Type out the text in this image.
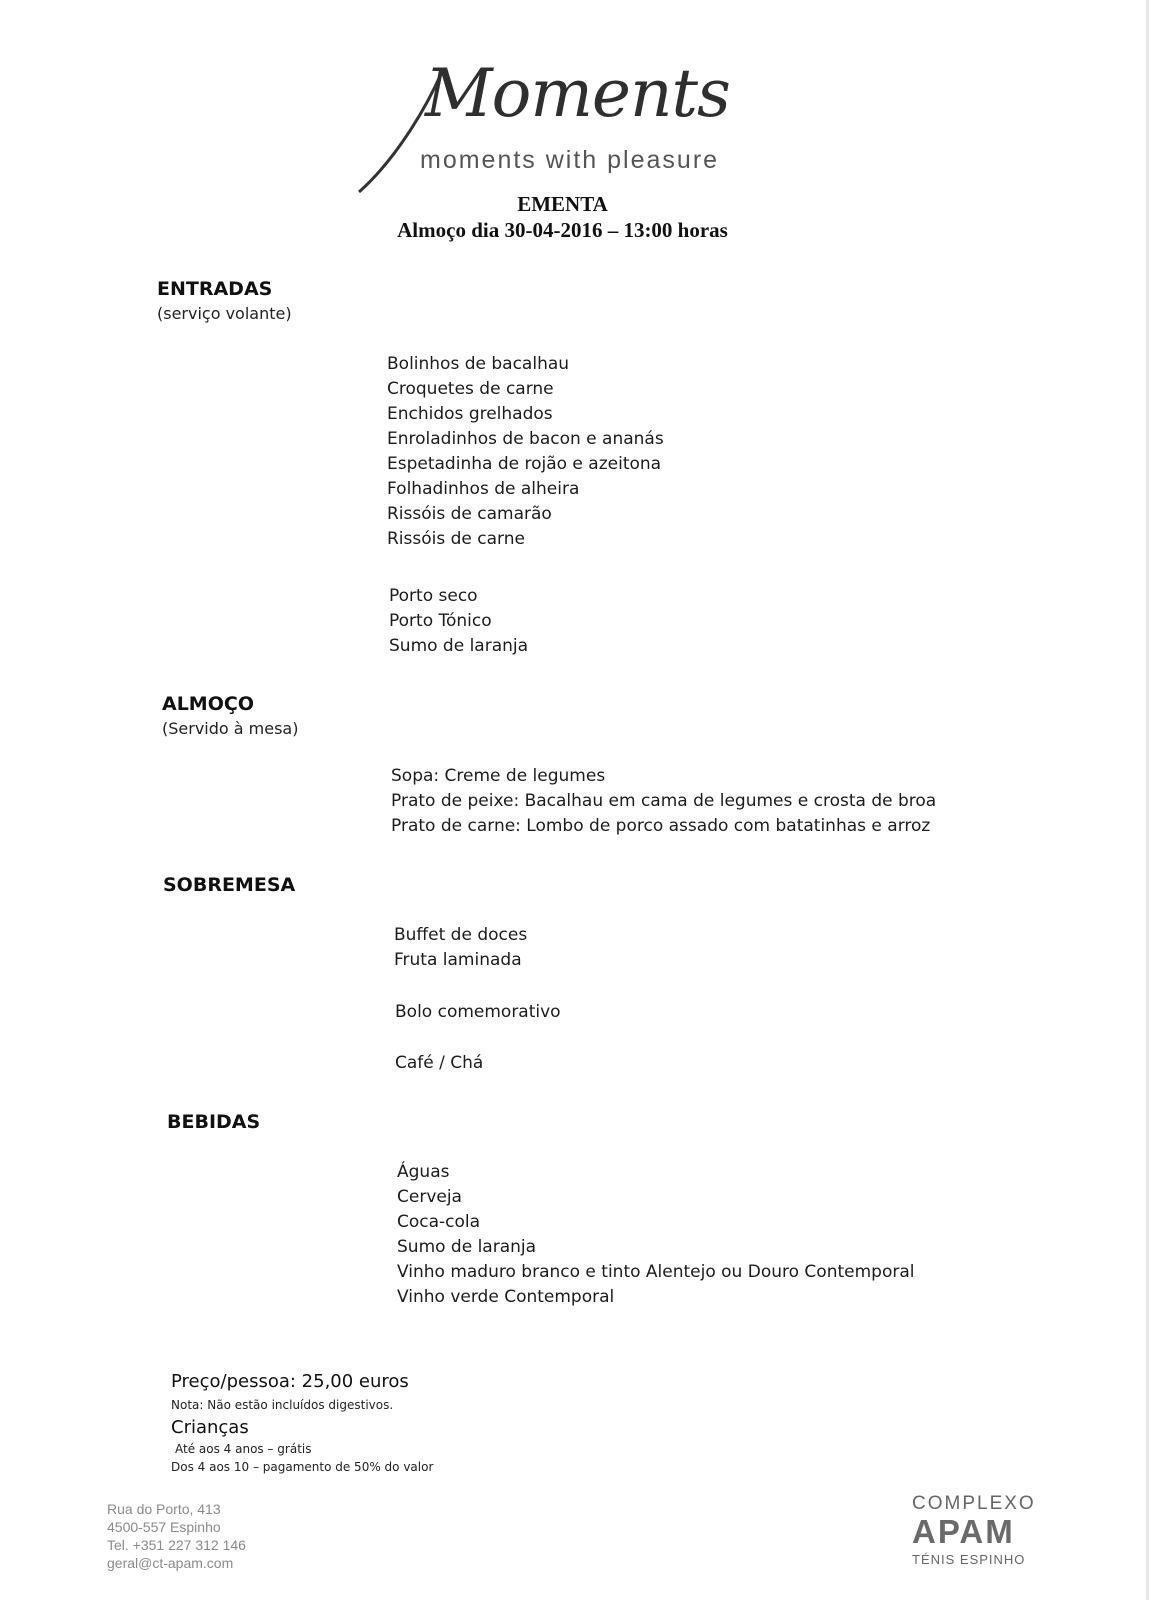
Moments
moments with pleasure
EMENTA
Almoço dia 30-04-2016 – 13:00 horas
ENTRADAS
(serviço volante)
Bolinhos de bacalhau
Croquetes de carne
Enchidos grelhados
Enroladinhos de bacon e ananás
Espetadinha de rojão e azeitona
Folhadinhos de alheira
Rissóis de camarão
Rissóis de carne
Porto seco
Porto Tónico
Sumo de laranja
ALMOÇO
(Servido à mesa)
Sopa: Creme de legumes
Prato de peixe: Bacalhau em cama de legumes e crosta de broa
Prato de carne: Lombo de porco assado com batatinhas e arroz
SOBREMESA
Buffet de doces
Fruta laminada
Bolo comemorativo
Café / Chá
BEBIDAS
Águas
Cerveja
Coca-cola
Sumo de laranja
Vinho maduro branco e tinto Alentejo ou Douro Contemporal
Vinho verde Contemporal
Preço/pessoa: 25,00 euros
Nota: Não estão incluídos digestivos.
Crianças
Até aos 4 anos – grátis
Dos 4 aos 10 – pagamento de 50% do valor
Rua do Porto, 413
4500-557 Espinho
Tel. +351 227 312 146
geral@ct-apam.com
COMPLEXO
APAM
TÉNIS ESPINHO
